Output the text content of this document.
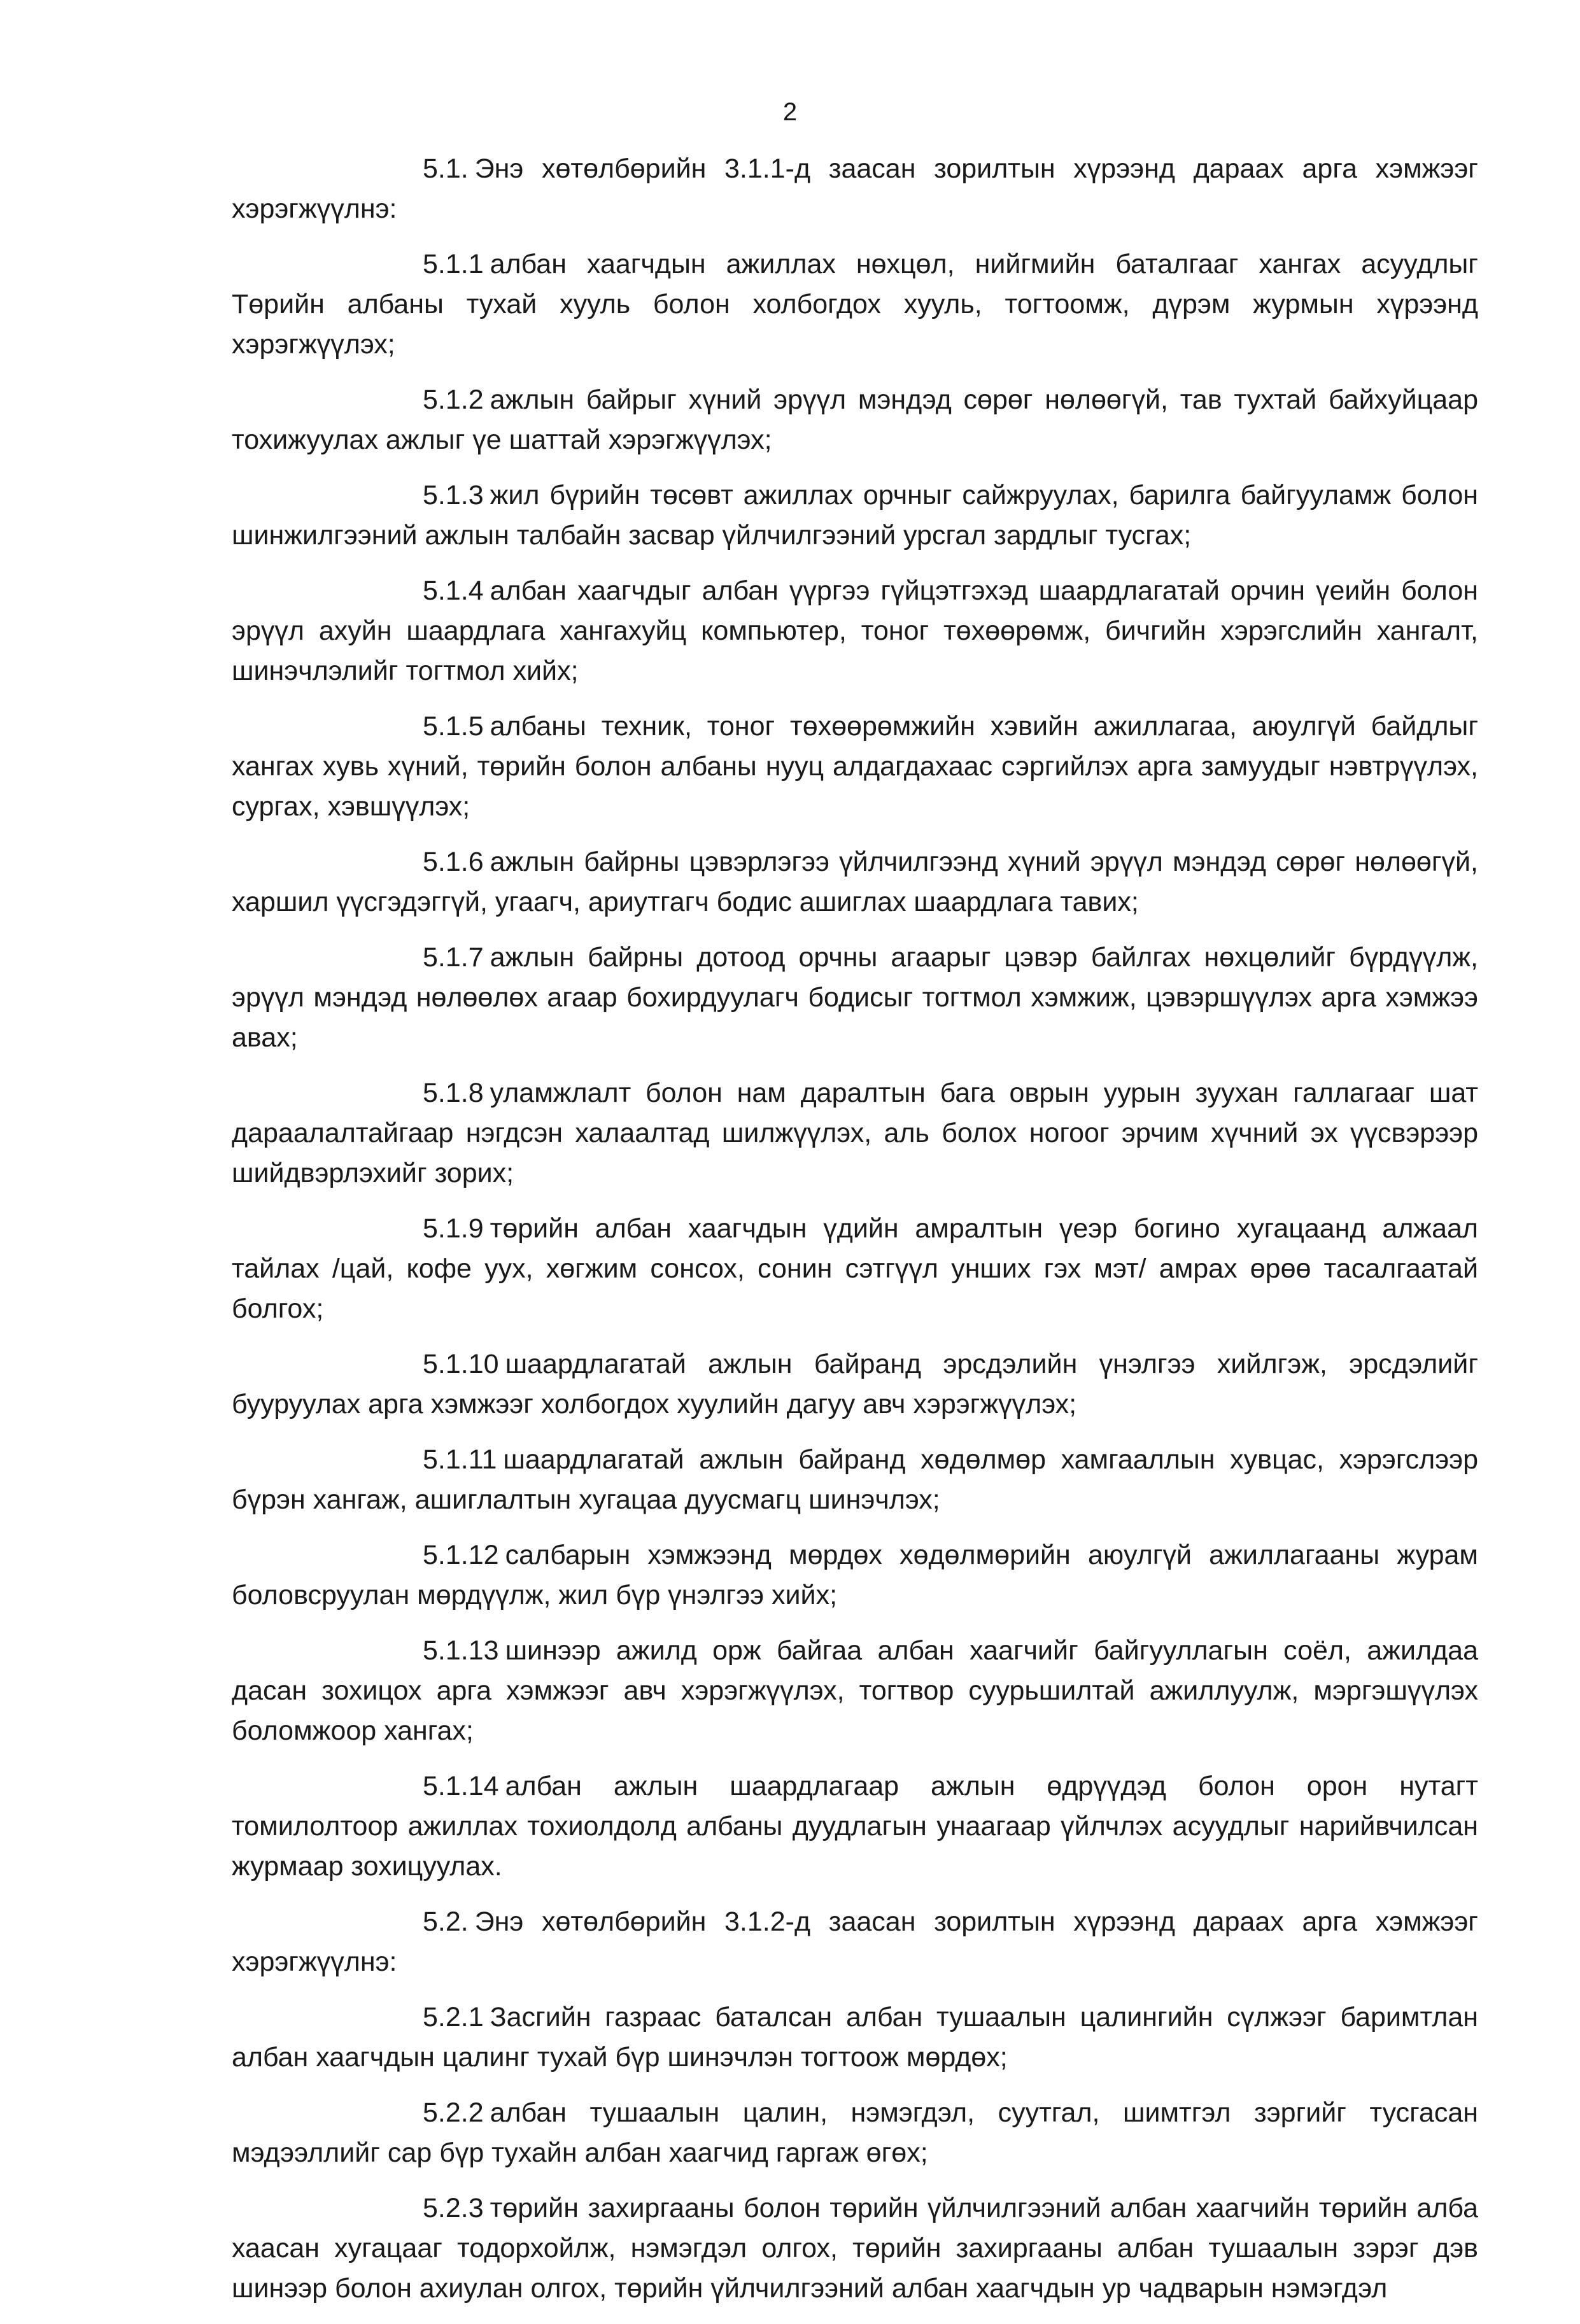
2

5.1. Энэ хөтөлбөрийн 3.1.1-д заасан зорилтын хүрээнд дараах арга хэмжээг хэрэгжүүлнэ:

5.1.1 албан хаагчдын ажиллах нөхцөл, нийгмийн баталгааг хангах асуудлыг Төрийн албаны тухай хууль болон холбогдох хууль, тогтоомж, дүрэм журмын хүрээнд хэрэгжүүлэх;

5.1.2 ажлын байрыг хүний эрүүл мэндэд сөрөг нөлөөгүй, тав тухтай байхуйцаар тохижуулах ажлыг үе шаттай хэрэгжүүлэх;

5.1.3 жил бүрийн төсөвт ажиллах орчныг сайжруулах, барилга байгууламж болон шинжилгээний ажлын талбайн засвар үйлчилгээний урсгал зардлыг тусгах;

5.1.4 албан хаагчдыг албан үүргээ гүйцэтгэхэд шаардлагатай орчин үеийн болон эрүүл ахуйн шаардлага хангахуйц компьютер, тоног төхөөрөмж, бичгийн хэрэгслийн хангалт, шинэчлэлийг тогтмол хийх;

5.1.5 албаны техник, тоног төхөөрөмжийн хэвийн ажиллагаа, аюулгүй байдлыг хангах хувь хүний, төрийн болон албаны нууц алдагдахаас сэргийлэх арга замуудыг нэвтрүүлэх, сургах, хэвшүүлэх;

5.1.6 ажлын байрны цэвэрлэгээ үйлчилгээнд хүний эрүүл мэндэд сөрөг нөлөөгүй, харшил үүсгэдэггүй, угаагч, ариутгагч бодис ашиглах шаардлага тавих;

5.1.7 ажлын байрны дотоод орчны агаарыг цэвэр байлгах нөхцөлийг бүрдүүлж, эрүүл мэндэд нөлөөлөх агаар бохирдуулагч бодисыг тогтмол хэмжиж, цэвэршүүлэх арга хэмжээ авах;

5.1.8 уламжлалт болон нам даралтын бага оврын уурын зуухан галлагааг шат дараалалтайгаар нэгдсэн халаалтад шилжүүлэх, аль болох ногоог эрчим хүчний эх үүсвэрээр шийдвэрлэхийг зорих;

5.1.9 төрийн албан хаагчдын үдийн амралтын үеэр богино хугацаанд алжаал тайлах /цай, кофе уух, хөгжим сонсох, сонин сэтгүүл унших гэх мэт/ амрах өрөө тасалгаатай болгох;

5.1.10 шаардлагатай ажлын байранд эрсдэлийн үнэлгээ хийлгэж, эрсдэлийг бууруулах арга хэмжээг холбогдох хуулийн дагуу авч хэрэгжүүлэх;

5.1.11 шаардлагатай ажлын байранд хөдөлмөр хамгааллын хувцас, хэрэгслээр бүрэн хангаж, ашиглалтын хугацаа дуусмагц шинэчлэх;

5.1.12 салбарын хэмжээнд мөрдөх хөдөлмөрийн аюулгүй ажиллагааны журам боловсруулан мөрдүүлж, жил бүр үнэлгээ хийх;

5.1.13 шинээр ажилд орж байгаа албан хаагчийг байгууллагын соёл, ажилдаа дасан зохицох арга хэмжээг авч хэрэгжүүлэх, тогтвор суурьшилтай ажиллуулж, мэргэшүүлэх боломжоор хангах;

5.1.14 албан ажлын шаардлагаар ажлын өдрүүдэд болон орон нутагт томилолтоор ажиллах тохиолдолд албаны дуудлагын унаагаар үйлчлэх асуудлыг нарийвчилсан журмаар зохицуулах.

5.2. Энэ хөтөлбөрийн 3.1.2-д заасан зорилтын хүрээнд дараах арга хэмжээг хэрэгжүүлнэ:

5.2.1 Засгийн газраас баталсан албан тушаалын цалингийн сүлжээг баримтлан албан хаагчдын цалинг тухай бүр шинэчлэн тогтоож мөрдөх;

5.2.2 албан тушаалын цалин, нэмэгдэл, суутгал, шимтгэл зэргийг тусгасан мэдээллийг сар бүр тухайн албан хаагчид гаргаж өгөх;

5.2.3 төрийн захиргааны болон төрийн үйлчилгээний албан хаагчийн төрийн алба хаасан хугацааг тодорхойлж, нэмэгдэл олгох, төрийн захиргааны албан тушаалын зэрэг дэв шинээр болон ахиулан олгох, төрийн үйлчилгээний албан хаагчдын ур чадварын нэмэгдэл
